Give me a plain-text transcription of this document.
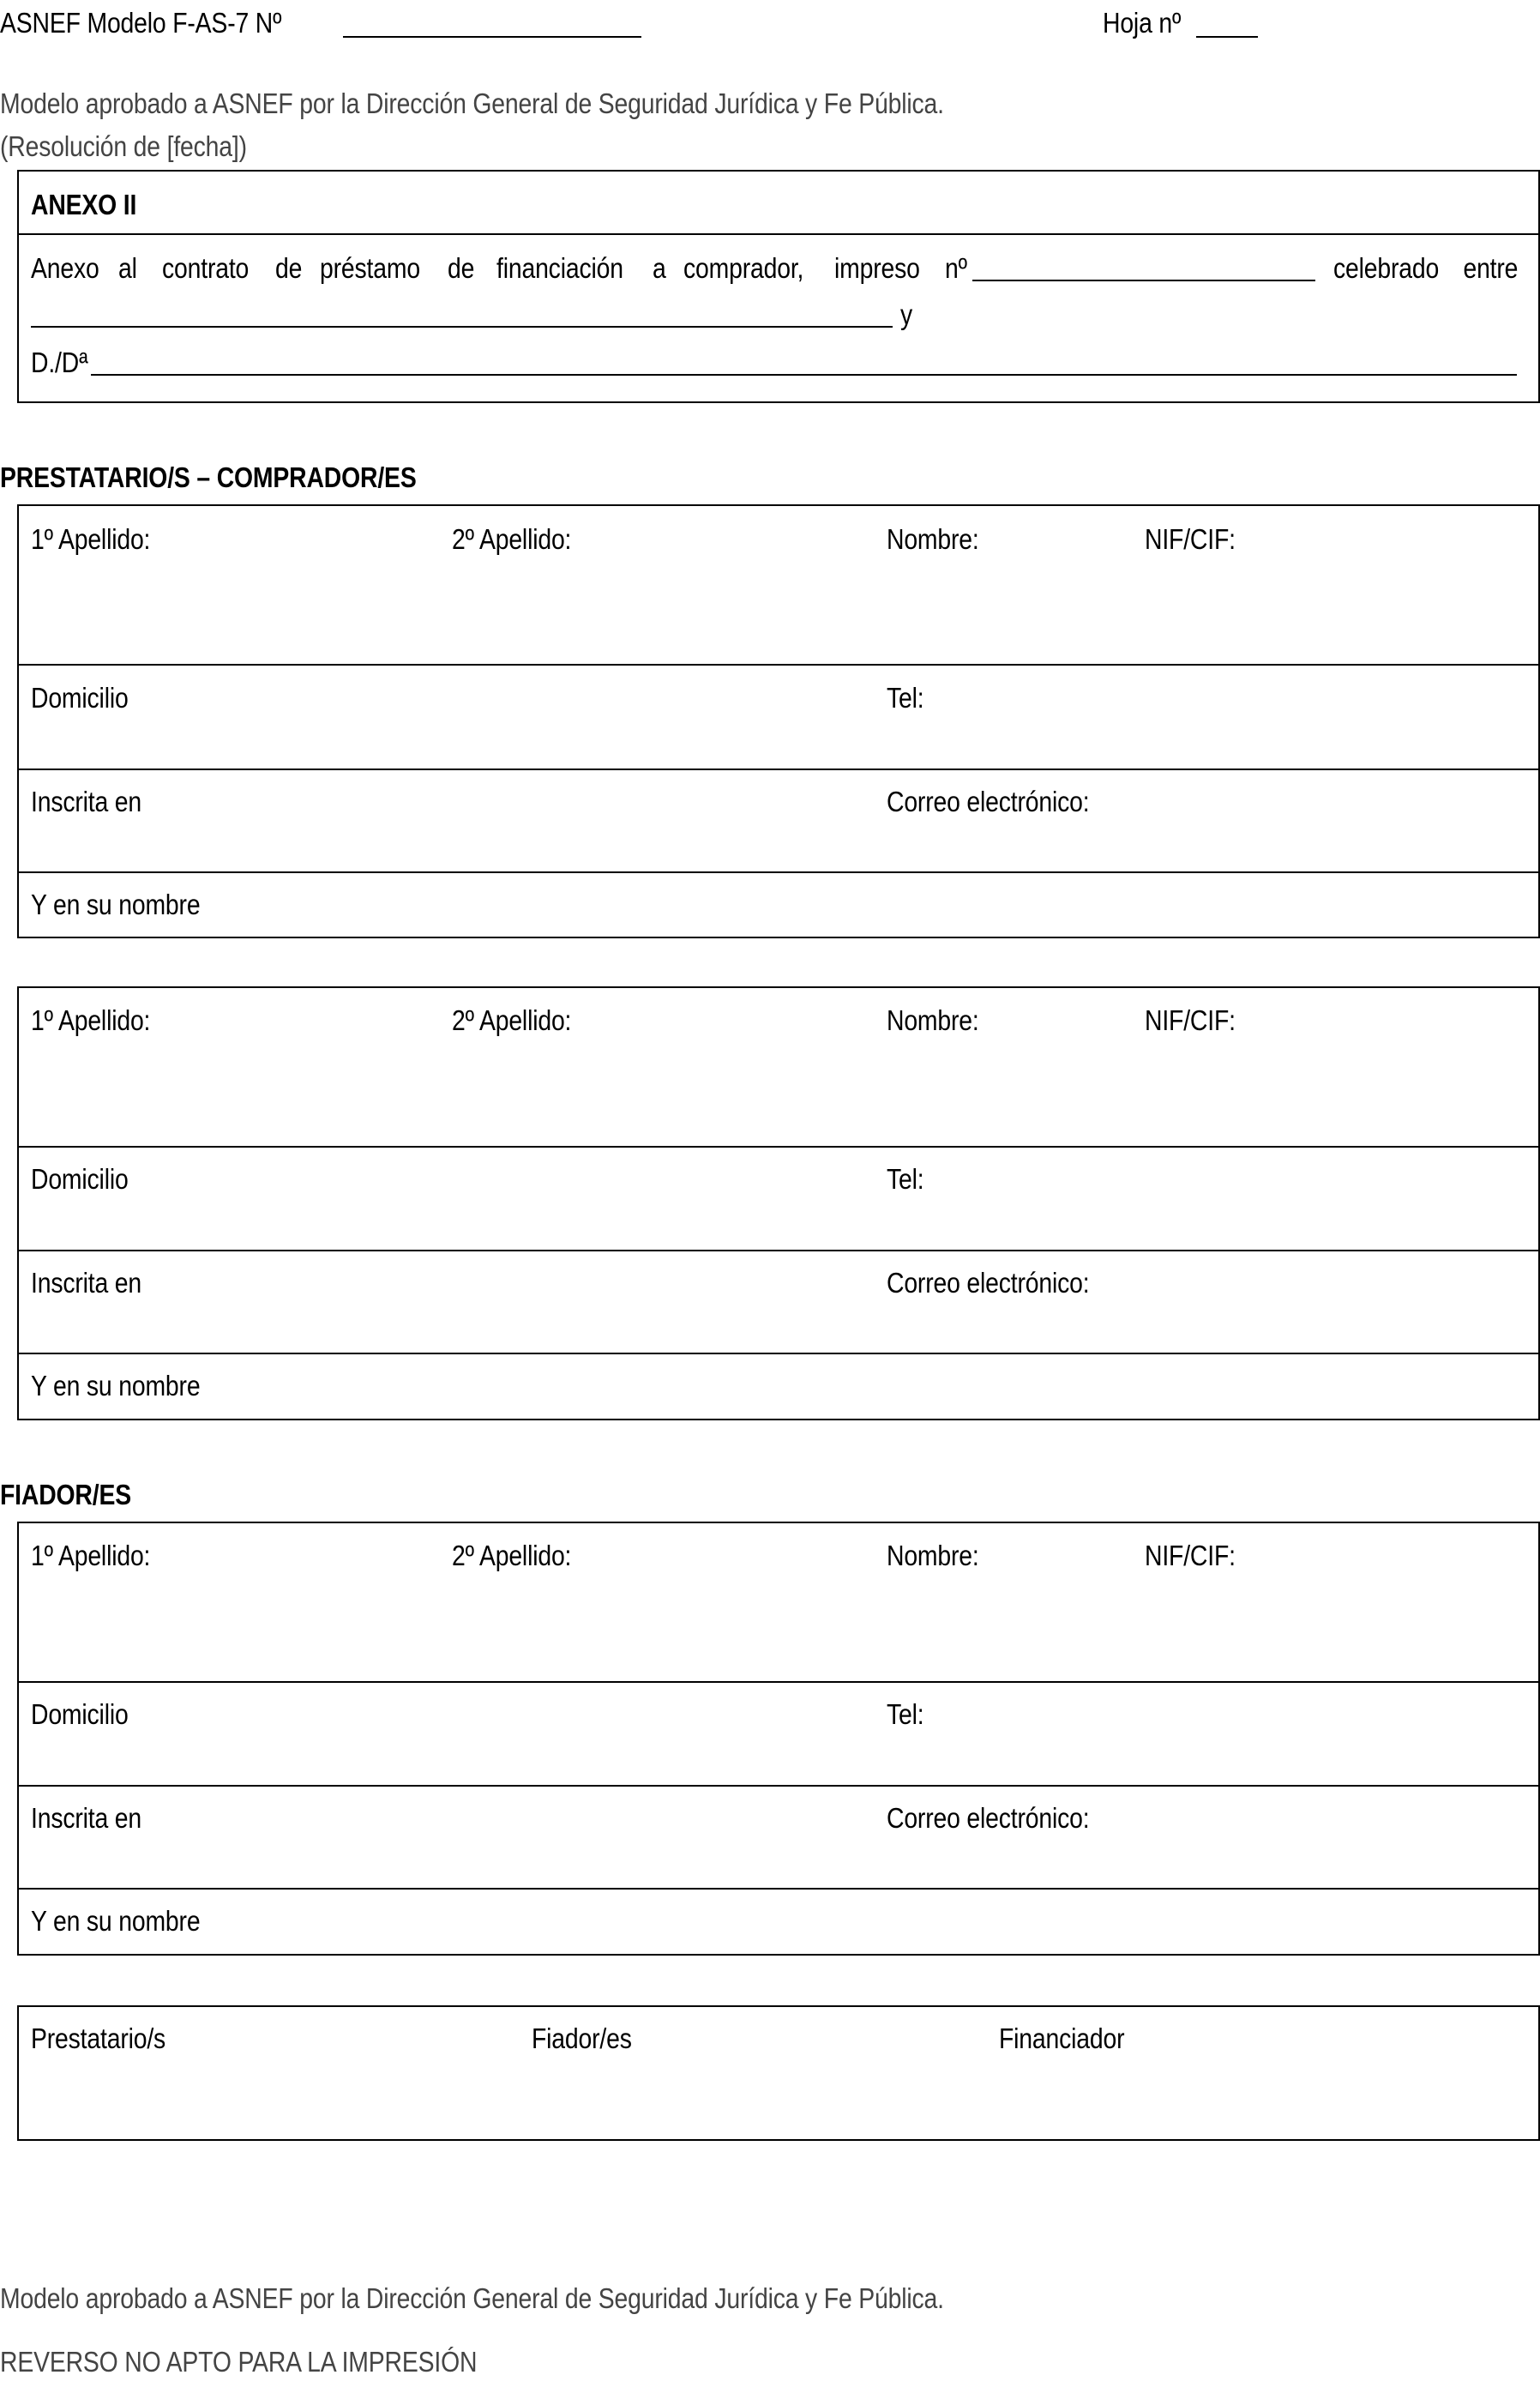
ASNEF Modelo F-AS-7 Nº	Hoja nº
Modelo aprobado a ASNEF por la Dirección General de Seguridad Jurídica y Fe Pública.
(Resolución de [fecha])
ANEXO II
Anexo al contrato de préstamo de financiación a comprador, impreso nº	celebrado entre
y
D./Dª
PRESTATARIO/S – COMPRADOR/ES
1º Apellido:	2º Apellido:	Nombre:	NIF/CIF:
Domicilio	Tel:
Inscrita en	Correo electrónico:
Y en su nombre
1º Apellido:	2º Apellido:	Nombre:	NIF/CIF:
Domicilio	Tel:
Inscrita en	Correo electrónico:
Y en su nombre
FIADOR/ES
1º Apellido:	2º Apellido:	Nombre:	NIF/CIF:
Domicilio	Tel:
Inscrita en	Correo electrónico:
Y en su nombre
Prestatario/s	Fiador/es	Financiador
Modelo aprobado a ASNEF por la Dirección General de Seguridad Jurídica y Fe Pública.
REVERSO NO APTO PARA LA IMPRESIÓN
